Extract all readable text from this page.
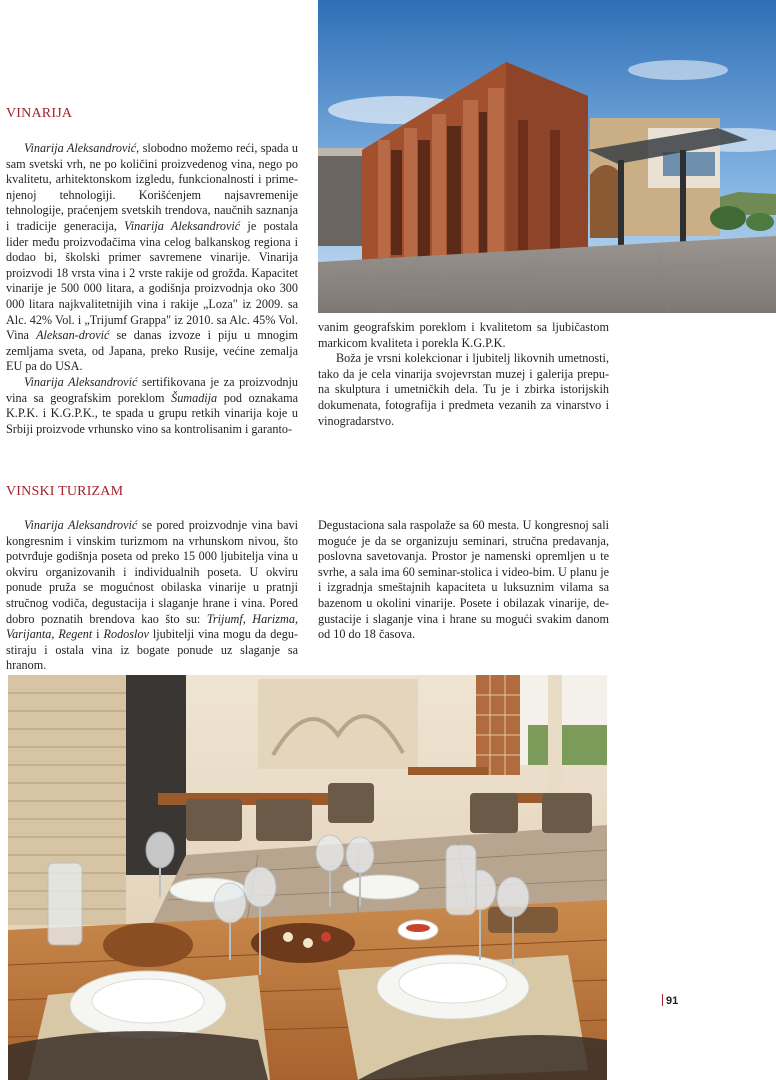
VINARIJA

Vinarija Aleksandrović, slobodno možemo reći, spada u sam svetski vrh, ne po količini proizvedenog vina, nego po kvalitetu, arhitektonskom izgledu, funkcionalnosti i prime-njenoj tehnologiji. Korišćenjem najsavremenije tehnologije, praćenjem svetskih trendova, naučnih saznanja i tradicije generacija, Vinarija Aleksandrović je postala lider među proizvođačima vina celog balkanskog regiona i dodao bi, školski primer savremene vinarije. Vinarija proizvodi 18 vrsta vina i 2 vrste rakije od grožđa. Kapacitet vinarije je 500 000 litara, a godišnja proizvodnja oko 300 000 litara najkvalitetnijih vina i rakije „Loza" iz 2009. sa Alc. 42% Vol. i „Trijumf Grappa" iz 2010. sa Alc. 45% Vol. Vina Aleksan-drović se danas izvoze i piju u mnogim zemljama sveta, od Japana, preko Rusije, većine zemalja EU pa do USA.

Vinarija Aleksandrović sertifikovana je za proizvodnju vina sa geografskim poreklom Šumadija pod oznakama K.P.K. i K.G.P.K., te spada u grupu retkih vinarija koje u Srbiji proizvode vrhunsko vino sa kontrolisanim i garanto-

vanim geografskim poreklom i kvalitetom sa ljubičastom markicom kvaliteta i porekla K.G.P.K.

Boža je vrsni kolekcionar i ljubitelj likovnih umetnosti, tako da je cela vinarija svojevrstan muzej i galerija prepu-na skulptura i umetničkih dela. Tu je i zbirka istorijskih dokumenata, fotografija i predmeta vezanih za vinarstvo i vinogradarstvo.

VINSKI TURIZAM

Vinarija Aleksandrović se pored proizvodnje vina bavi kongresnim i vinskim turizmom na vrhunskom nivou, što potvrđuje godišnja poseta od preko 15 000 ljubitelja vina u okviru organizovanih i individualnih poseta. U okviru ponude pruža se mogućnost obilaska vinarije u pratnji stručnog vodiča, degustacija i slaganje hrane i vina. Pored dobro poznatih brendova kao što su: Trijumf, Harizma, Varijanta, Regent i Rodoslov ljubitelji vina mogu da degu-stiraju i ostala vina iz bogate ponude uz slaganje sa hranom.

Degustaciona sala raspolaže sa 60 mesta. U kongresnoj sali moguće je da se organizuju seminari, stručna predavanja, poslovna savetovanja. Prostor je namenski opremljen u te svrhe, a sala ima 60 seminar-stolica i video-bim. U planu je i izgradnja smeštajnih kapaciteta u luksuznim vilama sa bazenom u okolini vinarije. Posete i obilazak vinarije, de-gustacije i slaganje vina i hrane su mogući svakim danom od 10 do 18 časova.

91
